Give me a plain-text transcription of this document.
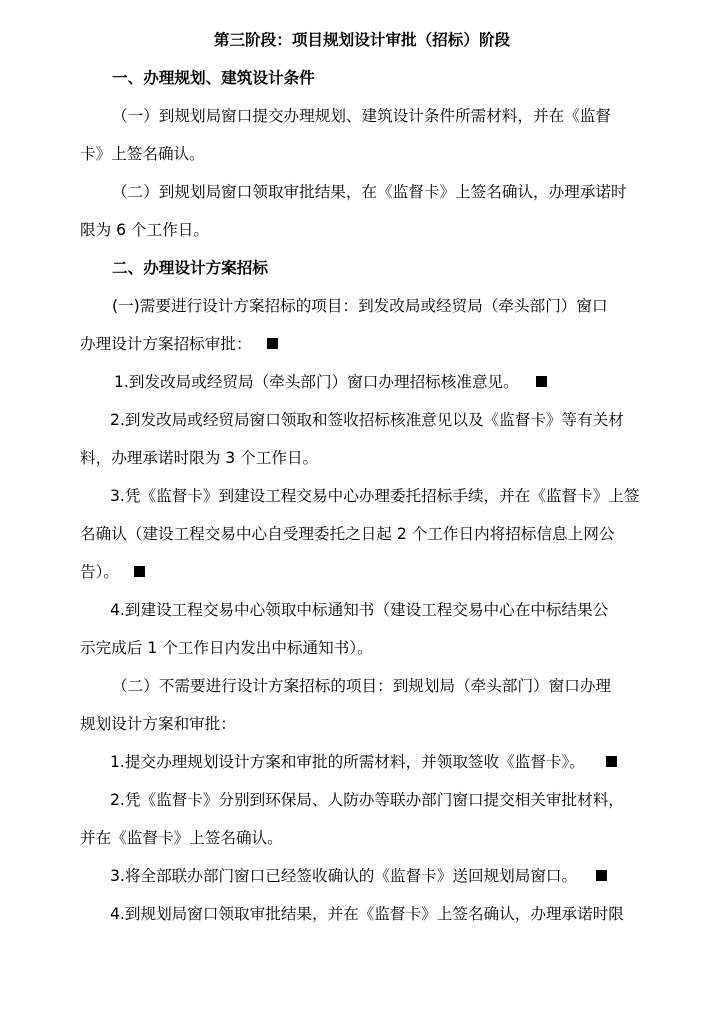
第三阶段：项目规划设计审批（招标）阶段
一、办理规划、建筑设计条件
（一）到规划局窗口提交办理规划、建筑设计条件所需材料，并在《监督
卡》上签名确认。
（二）到规划局窗口领取审批结果，在《监督卡》上签名确认，办理承诺时
限为 6 个工作日。
二、办理设计方案招标
(一)需要进行设计方案招标的项目：到发改局或经贸局（牵头部门）窗口
办理设计方案招标审批：
1.到发改局或经贸局（牵头部门）窗口办理招标核准意见。
2.到发改局或经贸局窗口领取和签收招标核准意见以及《监督卡》等有关材
料，办理承诺时限为 3 个工作日。
3.凭《监督卡》到建设工程交易中心办理委托招标手续，并在《监督卡》上签
名确认（建设工程交易中心自受理委托之日起 2 个工作日内将招标信息上网公
告）。
4.到建设工程交易中心领取中标通知书（建设工程交易中心在中标结果公
示完成后 1 个工作日内发出中标通知书）。
（二）不需要进行设计方案招标的项目：到规划局（牵头部门）窗口办理
规划设计方案和审批：
1.提交办理规划设计方案和审批的所需材料，并领取签收《监督卡》。
2.凭《监督卡》分别到环保局、人防办等联办部门窗口提交相关审批材料，
并在《监督卡》上签名确认。
3.将全部联办部门窗口已经签收确认的《监督卡》送回规划局窗口。
4.到规划局窗口领取审批结果，并在《监督卡》上签名确认，办理承诺时限
